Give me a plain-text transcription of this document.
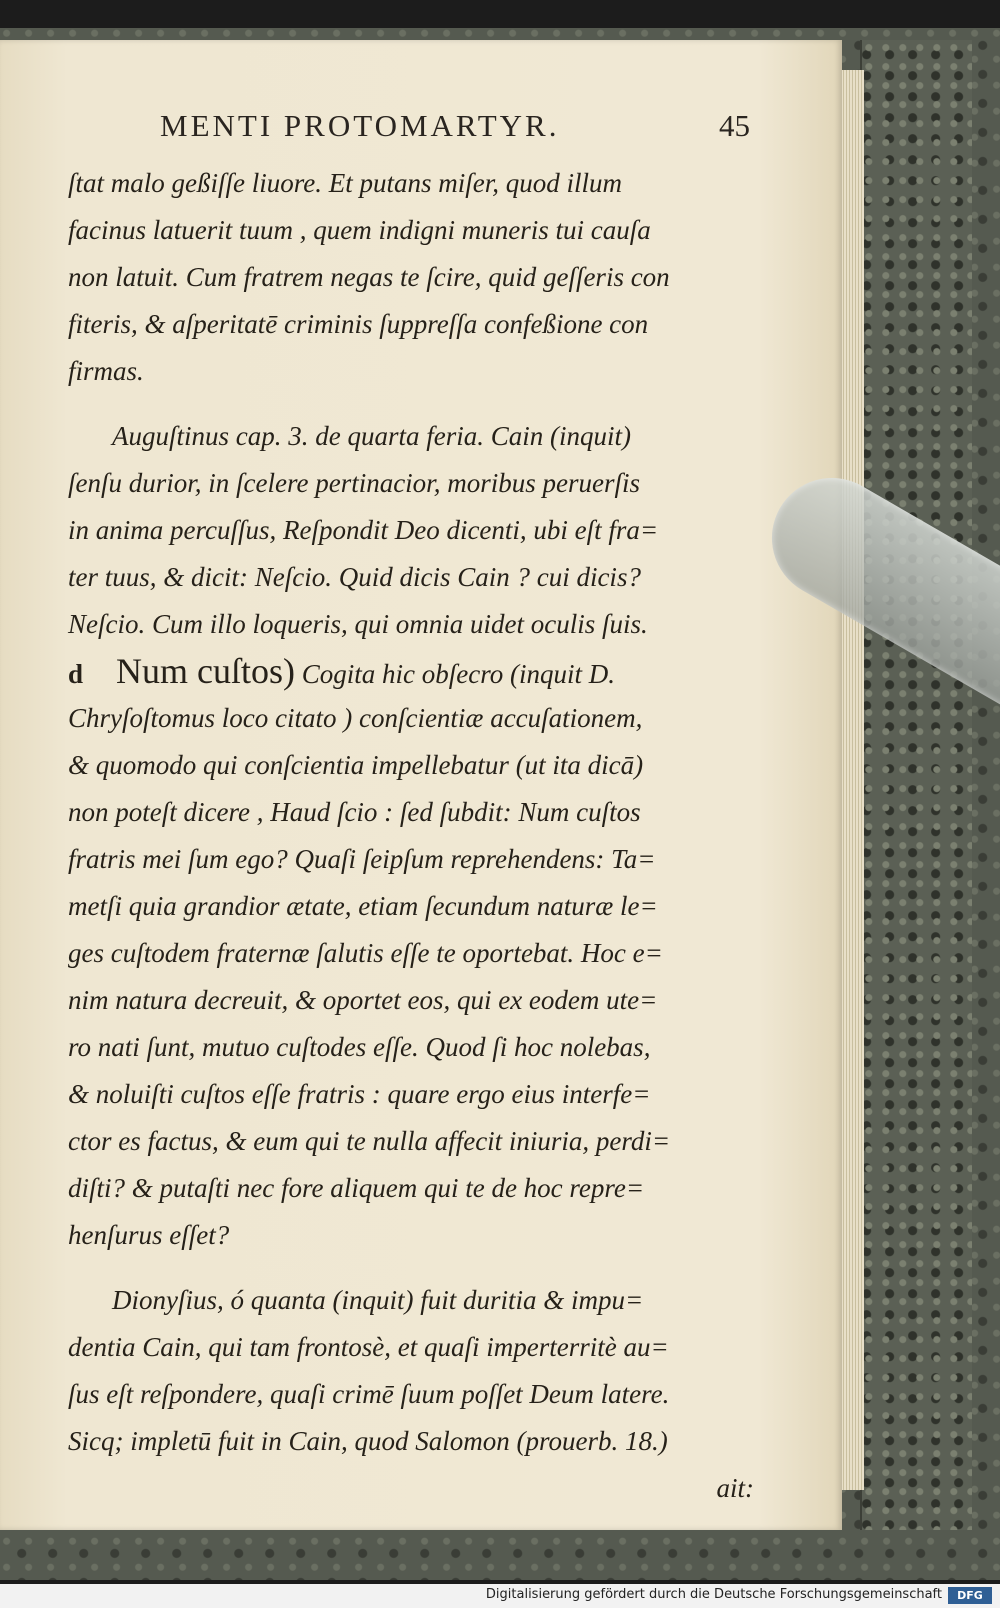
MENTI PROTOMARTYR.	45
ſtat malo geßiſſe liuore. Et putans miſer, quod illum
facinus latuerit tuum , quem indigni muneris tui cauſa
non latuit. Cum fratrem negas te ſcire, quid geſſeris con
fiteris, & aſperitatē criminis ſuppreſſa confeßione con
firmas.
Auguſtinus cap. 3. de quarta feria. Cain (inquit)
ſenſu durior, in ſcelere pertinacior, moribus peruerſis
in anima percuſſus, Reſpondit Deo dicenti, ubi eſt fra=
ter tuus, & dicit: Neſcio. Quid dicis Cain ? cui dicis?
Neſcio. Cum illo loqueris, qui omnia uidet oculis ſuis.
d Num cuſtos) Cogita hic obſecro (inquit D.
Chryſoſtomus loco citato ) conſcientiæ accuſationem,
& quomodo qui conſcientia impellebatur (ut ita dicā)
non poteſt dicere , Haud ſcio : ſed ſubdit: Num cuſtos
fratris mei ſum ego? Quaſi ſeipſum reprehendens: Ta=
metſi quia grandior ætate, etiam ſecundum naturæ le=
ges cuſtodem fraternæ ſalutis eſſe te oportebat. Hoc e=
nim natura decreuit, & oportet eos, qui ex eodem ute=
ro nati ſunt, mutuo cuſtodes eſſe. Quod ſi hoc nolebas,
& noluiſti cuſtos eſſe fratris : quare ergo eius interfe=
ctor es factus, & eum qui te nulla affecit iniuria, perdi=
diſti? & putaſti nec fore aliquem qui te de hoc repre=
henſurus eſſet?
Dionyſius, ó quanta (inquit) fuit duritia & impu=
dentia Cain, qui tam frontosè, et quaſi imperterritè au=
ſus eſt reſpondere, quaſi crimē ſuum poſſet Deum latere.
Sicq; impletū fuit in Cain, quod Salomon (prouerb. 18.)
ait:
Digitalisierung gefördert durch die Deutsche Forschungsgemeinschaft	DFG
